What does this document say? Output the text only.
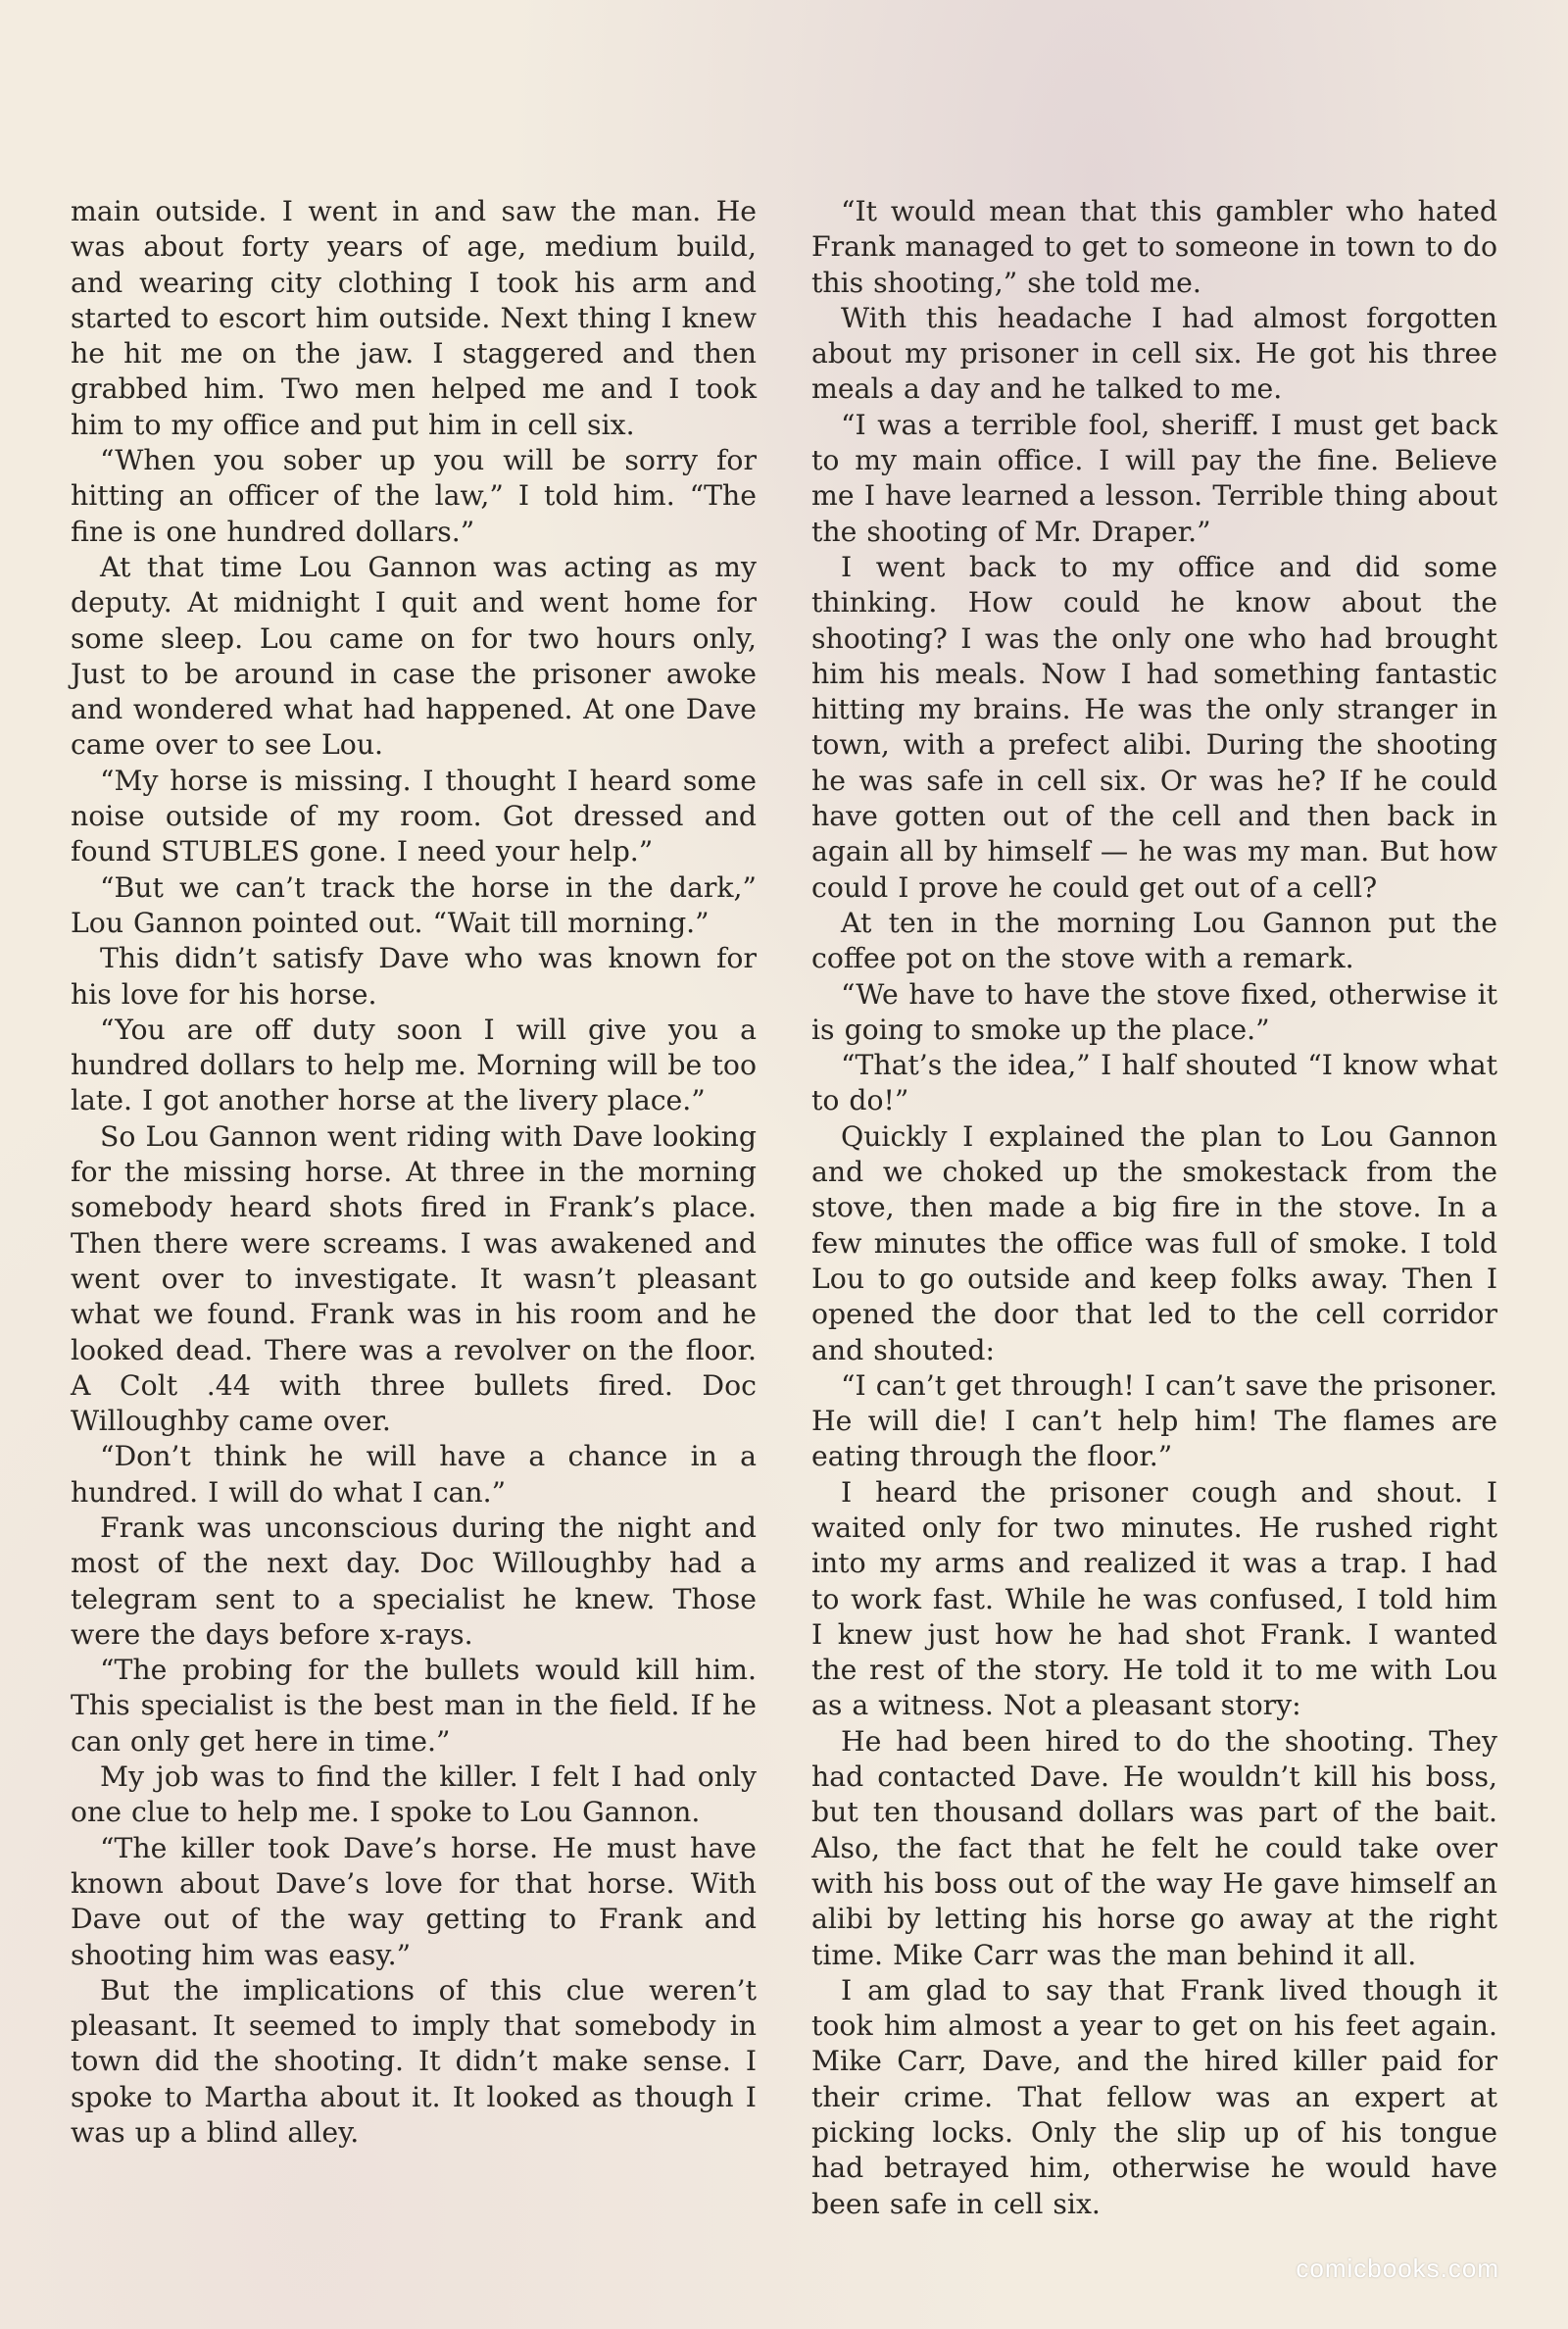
main outside. I went in and saw the man. He was about forty years of age, medium build, and wearing city clothing I took his arm and started to escort him outside. Next thing I knew he hit me on the jaw. I staggered and then grabbed him. Two men helped me and I took him to my office and put him in cell six.

“When you sober up you will be sorry for hitting an officer of the law,” I told him. “The fine is one hundred dollars.”

At that time Lou Gannon was acting as my deputy. At midnight I quit and went home for some sleep. Lou came on for two hours only, Just to be around in case the prisoner awoke and wondered what had happened. At one Dave came over to see Lou.

“My horse is missing. I thought I heard some noise outside of my room. Got dressed and found STUBLES gone. I need your help.”

“But we can’t track the horse in the dark,” Lou Gannon pointed out. “Wait till morning.”

This didn’t satisfy Dave who was known for his love for his horse.

“You are off duty soon I will give you a hundred dollars to help me. Morning will be too late. I got another horse at the livery place.”

So Lou Gannon went riding with Dave looking for the missing horse. At three in the morning somebody heard shots fired in Frank’s place. Then there were screams. I was awakened and went over to investigate. It wasn’t pleasant what we found. Frank was in his room and he looked dead. There was a revolver on the floor. A Colt .44 with three bullets fired. Doc Willoughby came over.

“Don’t think he will have a chance in a hundred. I will do what I can.”

Frank was unconscious during the night and most of the next day. Doc Willoughby had a telegram sent to a specialist he knew. Those were the days before x-rays.

“The probing for the bullets would kill him. This specialist is the best man in the field. If he can only get here in time.”

My job was to find the killer. I felt I had only one clue to help me. I spoke to Lou Gannon.

“The killer took Dave’s horse. He must have known about Dave’s love for that horse. With Dave out of the way getting to Frank and shooting him was easy.”

But the implications of this clue weren’t pleasant. It seemed to imply that somebody in town did the shooting. It didn’t make sense. I spoke to Martha about it. It looked as though I was up a blind alley.

“It would mean that this gambler who hated Frank managed to get to someone in town to do this shooting,” she told me.

With this headache I had almost forgotten about my prisoner in cell six. He got his three meals a day and he talked to me.

“I was a terrible fool, sheriff. I must get back to my main office. I will pay the fine. Believe me I have learned a lesson. Terrible thing about the shooting of Mr. Draper.”

I went back to my office and did some thinking. How could he know about the shooting? I was the only one who had brought him his meals. Now I had something fantastic hitting my brains. He was the only stranger in town, with a prefect alibi. During the shooting he was safe in cell six. Or was he? If he could have gotten out of the cell and then back in again all by himself — he was my man. But how could I prove he could get out of a cell?

At ten in the morning Lou Gannon put the coffee pot on the stove with a remark.

“We have to have the stove fixed, otherwise it is going to smoke up the place.”

“That’s the idea,” I half shouted “I know what to do!”

Quickly I explained the plan to Lou Gannon and we choked up the smokestack from the stove, then made a big fire in the stove. In a few minutes the office was full of smoke. I told Lou to go outside and keep folks away. Then I opened the door that led to the cell corridor and shouted:

“I can’t get through! I can’t save the prisoner. He will die! I can’t help him! The flames are eating through the floor.”

I heard the prisoner cough and shout. I waited only for two minutes. He rushed right into my arms and realized it was a trap. I had to work fast. While he was confused, I told him I knew just how he had shot Frank. I wanted the rest of the story. He told it to me with Lou as a witness. Not a pleasant story:

He had been hired to do the shooting. They had contacted Dave. He wouldn’t kill his boss, but ten thousand dollars was part of the bait. Also, the fact that he felt he could take over with his boss out of the way He gave himself an alibi by letting his horse go away at the right time. Mike Carr was the man behind it all.

I am glad to say that Frank lived though it took him almost a year to get on his feet again. Mike Carr, Dave, and the hired killer paid for their crime. That fellow was an expert at picking locks. Only the slip up of his tongue had betrayed him, otherwise he would have been safe in cell six.

comicbooks.com
